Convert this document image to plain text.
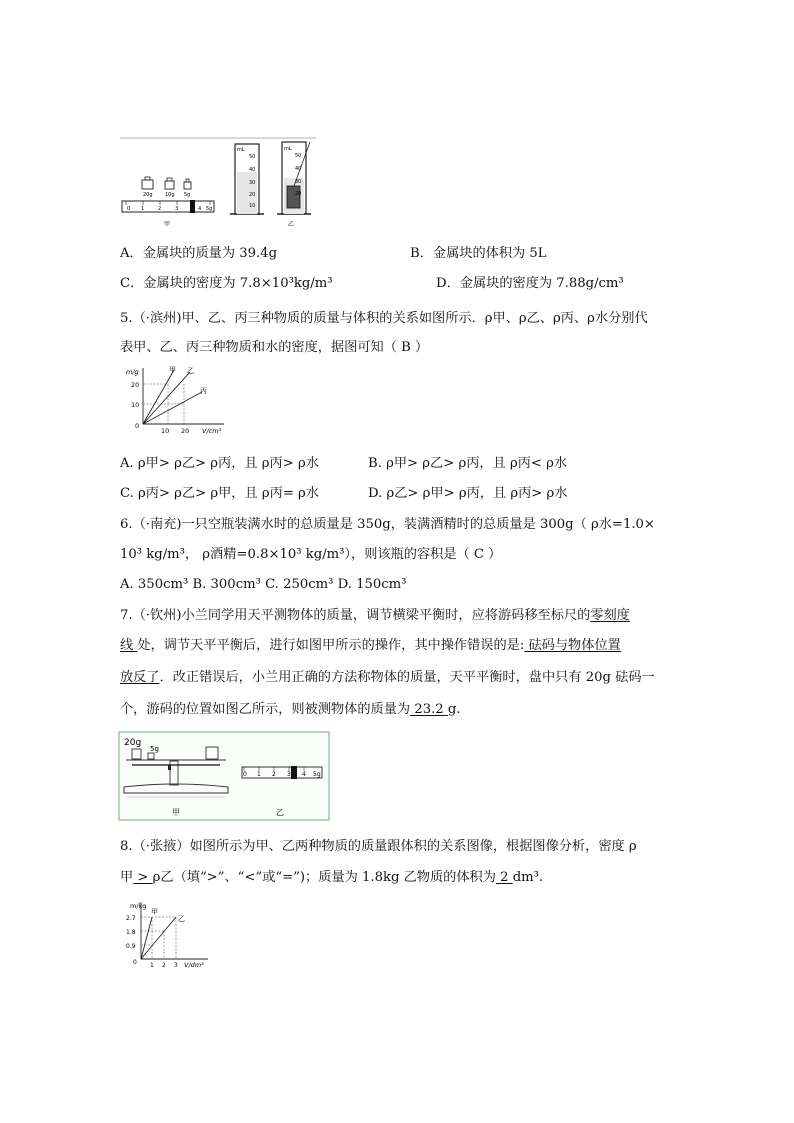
20g 10g 5g
0 1	2	3	4 5g
甲
mL
50
40
30
20
10
mL
50
40
30
20
乙
A．金属块的质量为 39.4g	B．金属块的体积为 5L
C．金属块的密度为 7.8×10³kg/m³	D．金属块的密度为 7.88g/cm³
5.（·滨州)甲、乙、丙三种物质的质量与体积的关系如图所示．ρ甲、ρ乙、ρ丙、ρ水分别代
表甲、乙、丙三种物质和水的密度，据图可知（ B ）
m/g
20
10
0
10 20 V/cm³
甲 乙
丙
A. ρ甲> ρ乙> ρ丙，且 ρ丙> ρ水	B. ρ甲> ρ乙> ρ丙，且 ρ丙< ρ水
C. ρ丙> ρ乙> ρ甲，且 ρ丙= ρ水	D. ρ乙> ρ甲> ρ丙，且 ρ丙> ρ水
6.（·南充)一只空瓶装满水时的总质量是 350g，装满酒精时的总质量是 300g（ ρ水=1.0×
10³ kg/m³， ρ酒精=0.8×10³ kg/m³），则该瓶的容积是（ C ）
A. 350cm³ B. 300cm³ C. 250cm³ D. 150cm³
7.（·钦州)小兰同学用天平测物体的质量，调节横梁平衡时，应将游码移至标尺的零刻度
线 处，调节天平平衡后，进行如图甲所示的操作，其中操作错误的是: 砝码与物体位置
放反了．改正错误后，小兰用正确的方法称物体的质量，天平平衡时，盘中只有 20g 砝码一
个，游码的位置如图乙所示，则被测物体的质量为 23.2 g.
20g
5g
甲
0 1 2 3 4 5g
乙
8.（·张掖）如图所示为甲、乙两种物质的质量跟体积的关系图像，根据图像分析，密度 ρ
甲 > ρ乙（填“>”、“<”或“=”)；质量为 1.8kg 乙物质的体积为 2 dm³.
m/kg
2.7
1.8
0.9
0 1 2 3 V/dm³
甲
乙
